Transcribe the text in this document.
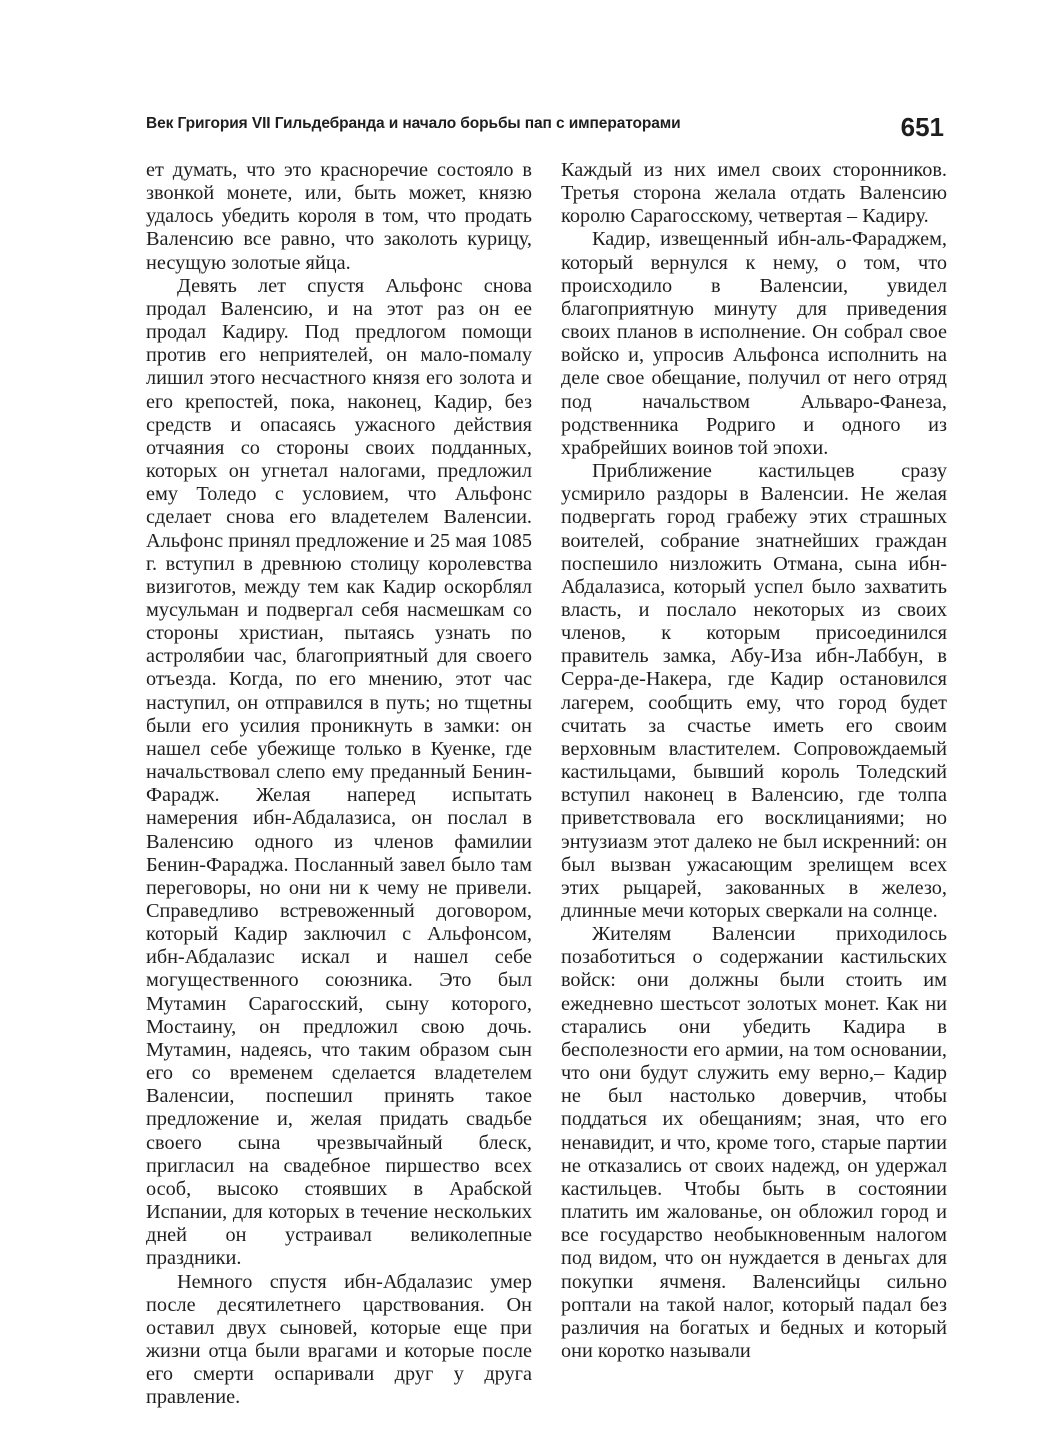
Век Григория VII Гильдебранда и начало борьбы пап с императорами	651

ет думать, что это красноречие состояло в звонкой монете, или, быть может, князю удалось убедить короля в том, что продать Валенсию все равно, что заколоть курицу, несущую золотые яйца.

Девять лет спустя Альфонс снова продал Валенсию, и на этот раз он ее продал Кадиру. Под предлогом помощи против его неприятелей, он мало-помалу лишил этого несчастного князя его золота и его крепостей, пока, наконец, Кадир, без средств и опасаясь ужасного действия отчаяния со стороны своих подданных, которых он угнетал налогами, предложил ему Толедо с условием, что Альфонс сделает снова его владетелем Валенсии. Альфонс принял предложение и 25 мая 1085 г. вступил в древнюю столицу королевства визиготов, между тем как Кадир оскорблял мусульман и подвергал себя насмешкам со стороны христиан, пытаясь узнать по астролябии час, благоприятный для своего отъезда. Когда, по его мнению, этот час наступил, он отправился в путь; но тщетны были его усилия проникнуть в замки: он нашел себе убежище только в Куенке, где начальствовал слепо ему преданный Бенин-Фарадж. Желая наперед испытать намерения ибн-Абдалазиса, он послал в Валенсию одного из членов фамилии Бенин-Фараджа. Посланный завел было там переговоры, но они ни к чему не привели. Справедливо встревоженный договором, который Кадир заключил с Альфонсом, ибн-Абдалазис искал и нашел себе могущественного союзника. Это был Мутамин Сарагосский, сыну которого, Мостаину, он предложил свою дочь. Мутамин, надеясь, что таким образом сын его со временем сделается владетелем Валенсии, поспешил принять такое предложение и, желая придать свадьбе своего сына чрезвычайный блеск, пригласил на свадебное пиршество всех особ, высоко стоявших в Арабской Испании, для которых в течение нескольких дней он устраивал великолепные праздники.

Немного спустя ибн-Абдалазис умер после десятилетнего царствования. Он оставил двух сыновей, которые еще при жизни отца были врагами и которые после его смерти оспаривали друг у друга правление.

Каждый из них имел своих сторонников. Третья сторона желала отдать Валенсию королю Сарагосскому, четвертая – Кадиру.

Кадир, извещенный ибн-аль-Фараджем, который вернулся к нему, о том, что происходило в Валенсии, увидел благоприятную минуту для приведения своих планов в исполнение. Он собрал свое войско и, упросив Альфонса исполнить на деле свое обещание, получил от него отряд под начальством Альваро-Фанеза, родственника Родриго и одного из храбрейших воинов той эпохи.

Приближение кастильцев сразу усмирило раздоры в Валенсии. Не желая подвергать город грабежу этих страшных воителей, собрание знатнейших граждан поспешило низложить Отмана, сына ибн-Абдалазиса, который успел было захватить власть, и послало некоторых из своих членов, к которым присоединился правитель замка, Абу-Иза ибн-Лаббун, в Серра-де-Накера, где Кадир остановился лагерем, сообщить ему, что город будет считать за счастье иметь его своим верховным властителем. Сопровождаемый кастильцами, бывший король Толедский вступил наконец в Валенсию, где толпа приветствовала его восклицаниями; но энтузиазм этот далеко не был искренний: он был вызван ужасающим зрелищем всех этих рыцарей, закованных в железо, длинные мечи которых сверкали на солнце.

Жителям Валенсии приходилось позаботиться о содержании кастильских войск: они должны были стоить им ежедневно шестьсот золотых монет. Как ни старались они убедить Кадира в бесполезности его армии, на том основании, что они будут служить ему верно,– Кадир не был настолько доверчив, чтобы поддаться их обещаниям; зная, что его ненавидит, и что, кроме того, старые партии не отказались от своих надежд, он удержал кастильцев. Чтобы быть в состоянии платить им жалованье, он обложил город и все государство необыкновенным налогом под видом, что он нуждается в деньгах для покупки ячменя. Валенсийцы сильно роптали на такой налог, который падал без различия на богатых и бедных и который они коротко называли
